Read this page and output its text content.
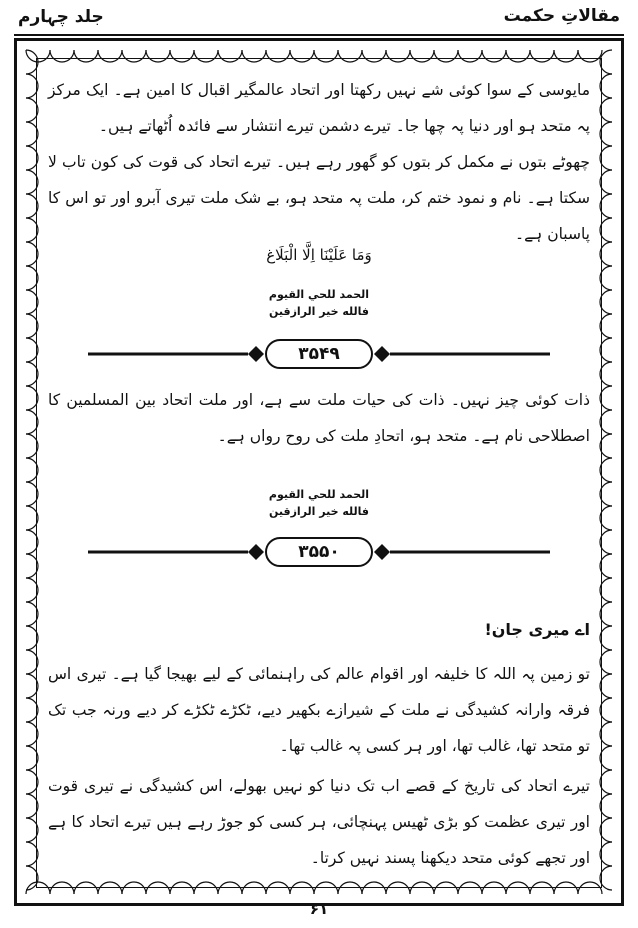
جلد چہارم	مقالاتِ حکمت

مایوسی کے سوا کوئی شے نہیں رکھتا اور اتحاد عالمگیر اقبال کا امین ہے۔ ایک مرکز پہ متحد ہو اور دنیا پہ چھا جا۔ تیرے دشمن تیرے انتشار سے فائدہ اُٹھاتے ہیں۔

چھوٹے بتوں نے مکمل کر بتوں کو گھور رہے ہیں۔ تیرے اتحاد کی قوت کی کون تاب لا سکتا ہے۔ نام و نمود ختم کر، ملت پہ متحد ہو، بے شک ملت تیری آبرو اور تو اس کا پاسبان ہے۔

وَمَا عَلَيْنَا اِلَّا الْبَلَاغ
الحمد للحي القيوم
فالله خير الرازقين
۳۵۴۹

ذات کوئی چیز نہیں۔ ذات کی حیات ملت سے ہے، اور ملت اتحاد بین المسلمین کا اصطلاحی نام ہے۔ متحد ہو، اتحادِ ملت کی روح رواں ہے۔

الحمد للحي القيوم
فالله خير الرازقين
۳۵۵۰
اے میری جان!

تو زمین پہ اللہ کا خلیفہ اور اقوام عالم کی راہنمائی کے لیے بھیجا گیا ہے۔ تیری اس فرقہ وارانہ کشیدگی نے ملت کے شیرازے بکھیر دیے، ٹکڑے ٹکڑے کر دیے ورنہ جب تک تو متحد تھا، غالب تھا، اور ہر کسی پہ غالب تھا۔

تیرے اتحاد کی تاریخ کے قصے اب تک دنیا کو نہیں بھولے، اس کشیدگی نے تیری قوت اور تیری عظمت کو بڑی ٹھیس پہنچائی، ہر کسی کو جوڑ رہے ہیں تیرے اتحاد کا ہے اور تجھے کوئی متحد دیکھنا پسند نہیں کرتا۔

۶۱
